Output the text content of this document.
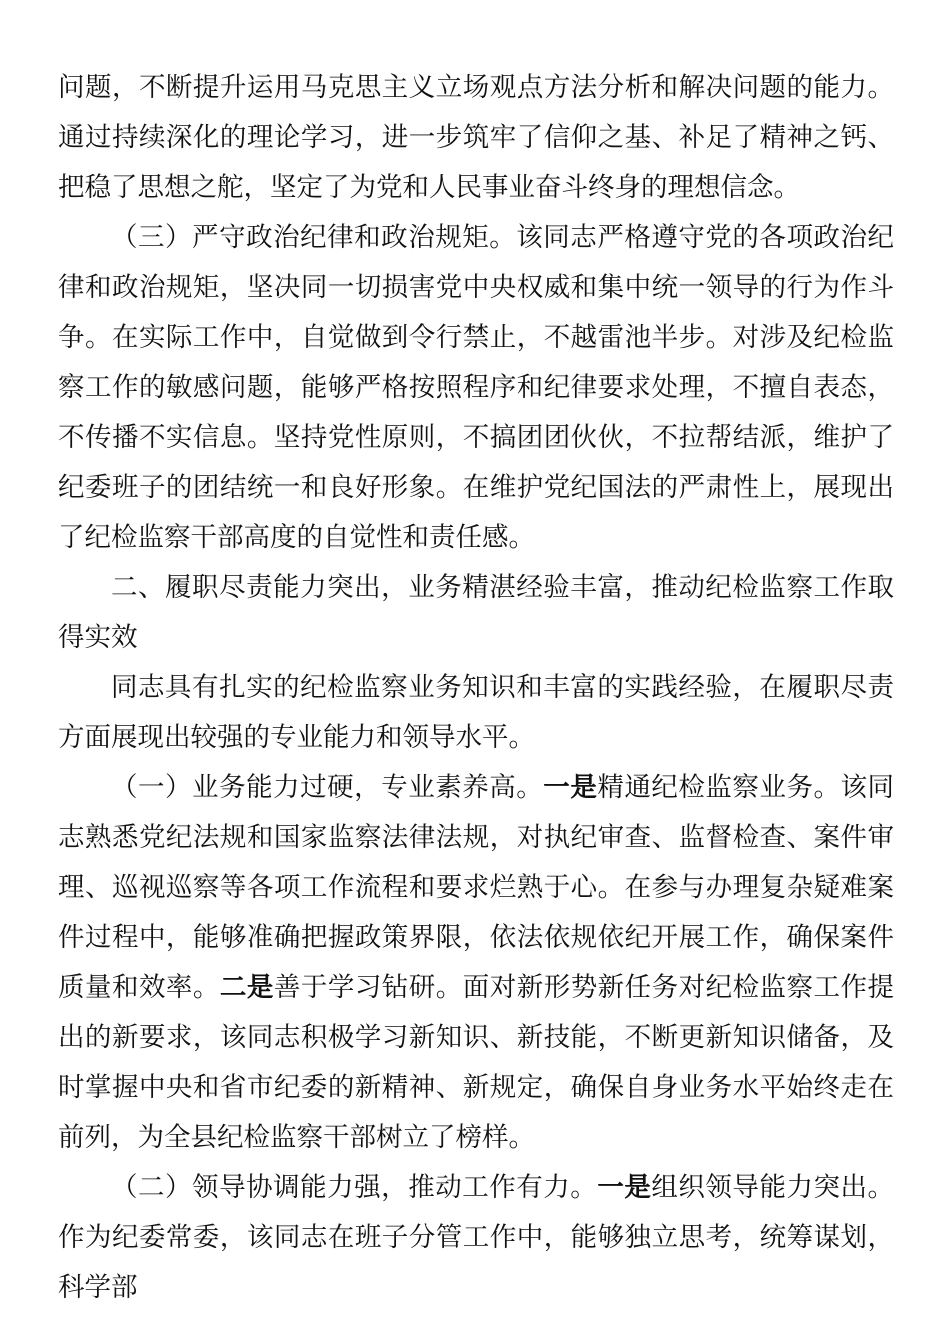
问题，不断提升运用马克思主义立场观点方法分析和解决问题的能力。通过持续深化的理论学习，进一步筑牢了信仰之基、补足了精神之钙、把稳了思想之舵，坚定了为党和人民事业奋斗终身的理想信念。

（三）严守政治纪律和政治规矩。该同志严格遵守党的各项政治纪律和政治规矩，坚决同一切损害党中央权威和集中统一领导的行为作斗争。在实际工作中，自觉做到令行禁止，不越雷池半步。对涉及纪检监察工作的敏感问题，能够严格按照程序和纪律要求处理，不擅自表态，不传播不实信息。坚持党性原则，不搞团团伙伙，不拉帮结派，维护了纪委班子的团结统一和良好形象。在维护党纪国法的严肃性上，展现出了纪检监察干部高度的自觉性和责任感。

二、履职尽责能力突出，业务精湛经验丰富，推动纪检监察工作取得实效

同志具有扎实的纪检监察业务知识和丰富的实践经验，在履职尽责方面展现出较强的专业能力和领导水平。

（一）业务能力过硬，专业素养高。一是精通纪检监察业务。该同志熟悉党纪法规和国家监察法律法规，对执纪审查、监督检查、案件审理、巡视巡察等各项工作流程和要求烂熟于心。在参与办理复杂疑难案件过程中，能够准确把握政策界限，依法依规依纪开展工作，确保案件质量和效率。二是善于学习钻研。面对新形势新任务对纪检监察工作提出的新要求，该同志积极学习新知识、新技能，不断更新知识储备，及时掌握中央和省市纪委的新精神、新规定，确保自身业务水平始终走在前列，为全县纪检监察干部树立了榜样。

（二）领导协调能力强，推动工作有力。一是组织领导能力突出。作为纪委常委，该同志在班子分管工作中，能够独立思考，统筹谋划，科学部
